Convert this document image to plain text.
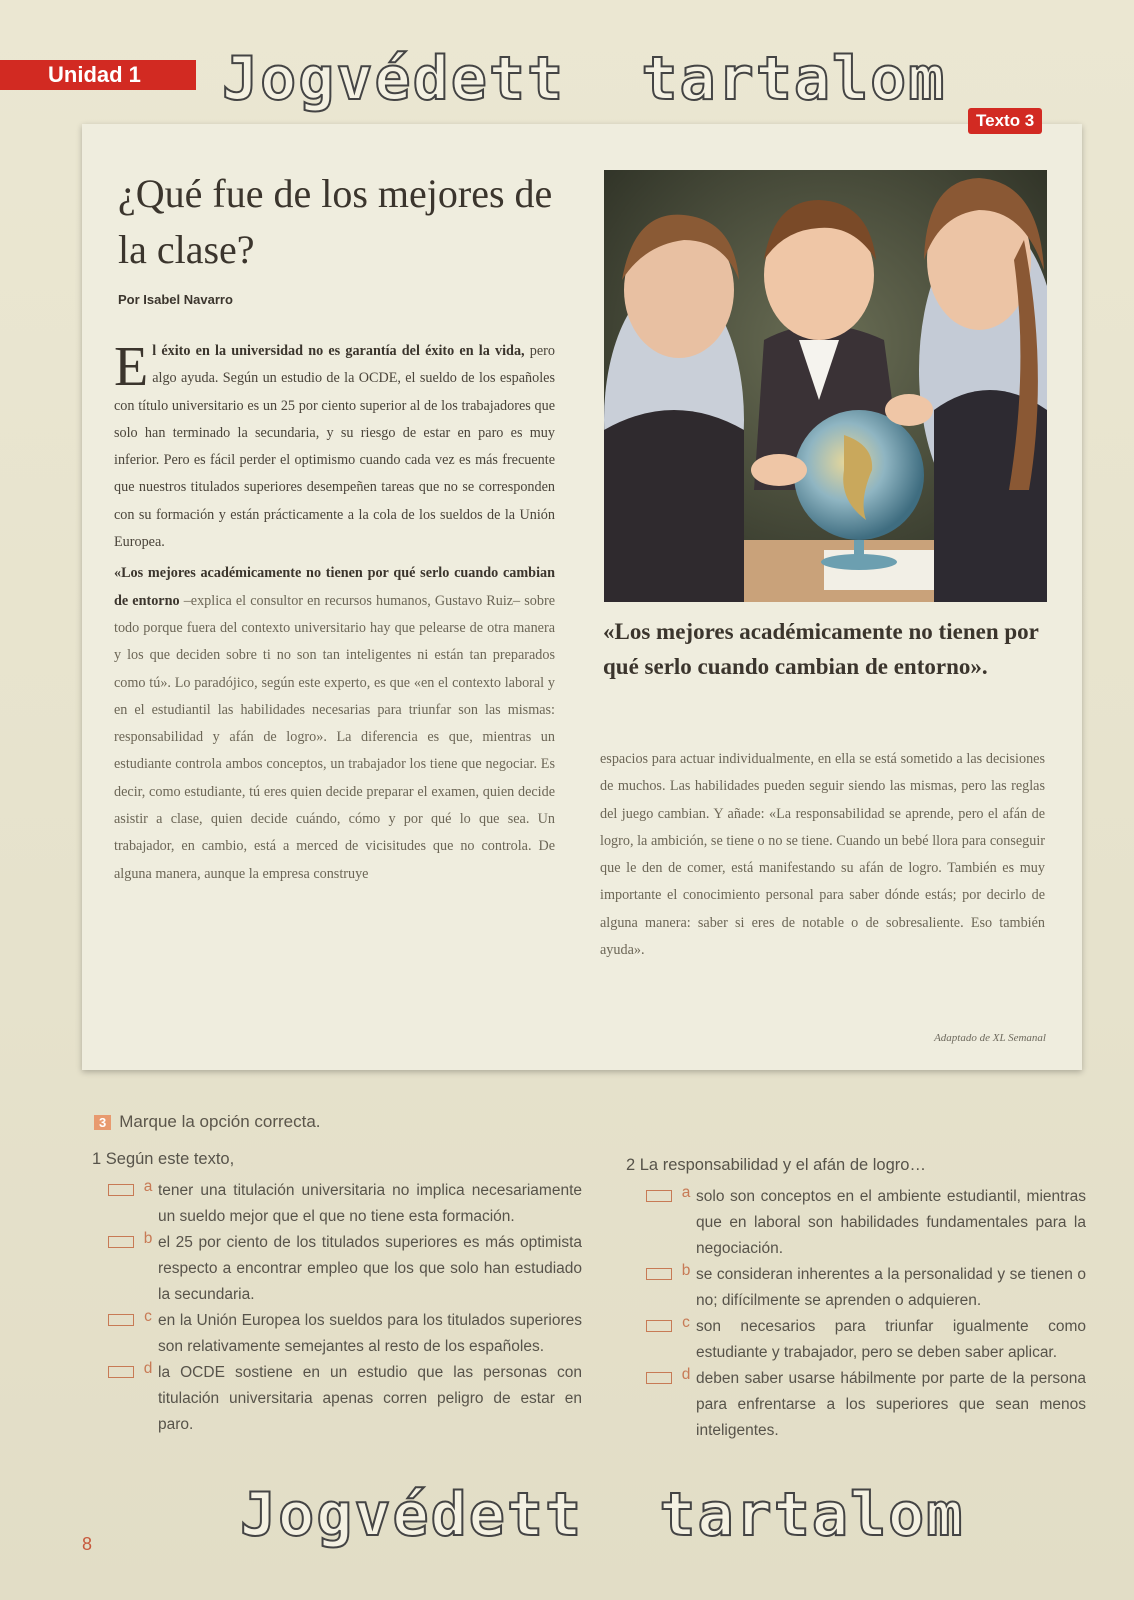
Unidad 1	Jogvédett  tartalom
Texto 3
¿Qué fue de los mejores de la clase?
Por Isabel Navarro

El éxito en la universidad no es garantía del éxito en la vida, pero algo ayuda. Según un estudio de la OCDE, el sueldo de los españoles con título universitario es un 25 por ciento superior al de los trabajadores que solo han terminado la secundaria, y su riesgo de estar en paro es muy inferior. Pero es fácil perder el optimismo cuando cada vez es más frecuente que nuestros titulados superiores desempeñen tareas que no se corresponden con su formación y están prácticamente a la cola de los sueldos de la Unión Europea.

«Los mejores académicamente no tienen por qué serlo cuando cambian de entorno –explica el consultor en recursos humanos, Gustavo Ruiz– sobre todo porque fuera del contexto universitario hay que pelearse de otra manera y los que deciden sobre ti no son tan inteligentes ni están tan preparados como tú». Lo paradójico, según este experto, es que «en el contexto laboral y en el estudiantil las habilidades necesarias para triunfar son las mismas: responsabilidad y afán de logro». La diferencia es que, mientras un estudiante controla ambos conceptos, un trabajador los tiene que negociar. Es decir, como estudiante, tú eres quien decide preparar el examen, quien decide asistir a clase, quien decide cuándo, cómo y por qué lo que sea. Un trabajador, en cambio, está a merced de vicisitudes que no controla. De alguna manera, aunque la empresa construye

«Los mejores académicamente no tienen por qué serlo cuando cambian de entorno».

espacios para actuar individualmente, en ella se está sometido a las decisiones de muchos. Las habilidades pueden seguir siendo las mismas, pero las reglas del juego cambian. Y añade: «La responsabilidad se aprende, pero el afán de logro, la ambición, se tiene o no se tiene. Cuando un bebé llora para conseguir que le den de comer, está manifestando su afán de logro. También es muy importante el conocimiento personal para saber dónde estás; por decirlo de alguna manera: saber si eres de notable o de sobresaliente. Eso también ayuda».

Adaptado de XL Semanal
3 Marque la opción correcta.
1 Según este texto,
a tener una titulación universitaria no implica necesariamente un sueldo mejor que el que no tiene esta formación.
b el 25 por ciento de los titulados superiores es más optimista respecto a encontrar empleo que los que solo han estudiado la secundaria.
c en la Unión Europea los sueldos para los titulados superiores son relativamente semejantes al resto de los españoles.
d la OCDE sostiene en un estudio que las personas con titulación universitaria apenas corren peligro de estar en paro.
2 La responsabilidad y el afán de logro…
a solo son conceptos en el ambiente estudiantil, mientras que en laboral son habilidades fundamentales para la negociación.
b se consideran inherentes a la personalidad y se tienen o no; difícilmente se aprenden o adquieren.
c son necesarios para triunfar igualmente como estudiante y trabajador, pero se deben saber aplicar.
d deben saber usarse hábilmente por parte de la persona para enfrentarse a los superiores que sean menos inteligentes.
Jogvédett  tartalom
8
